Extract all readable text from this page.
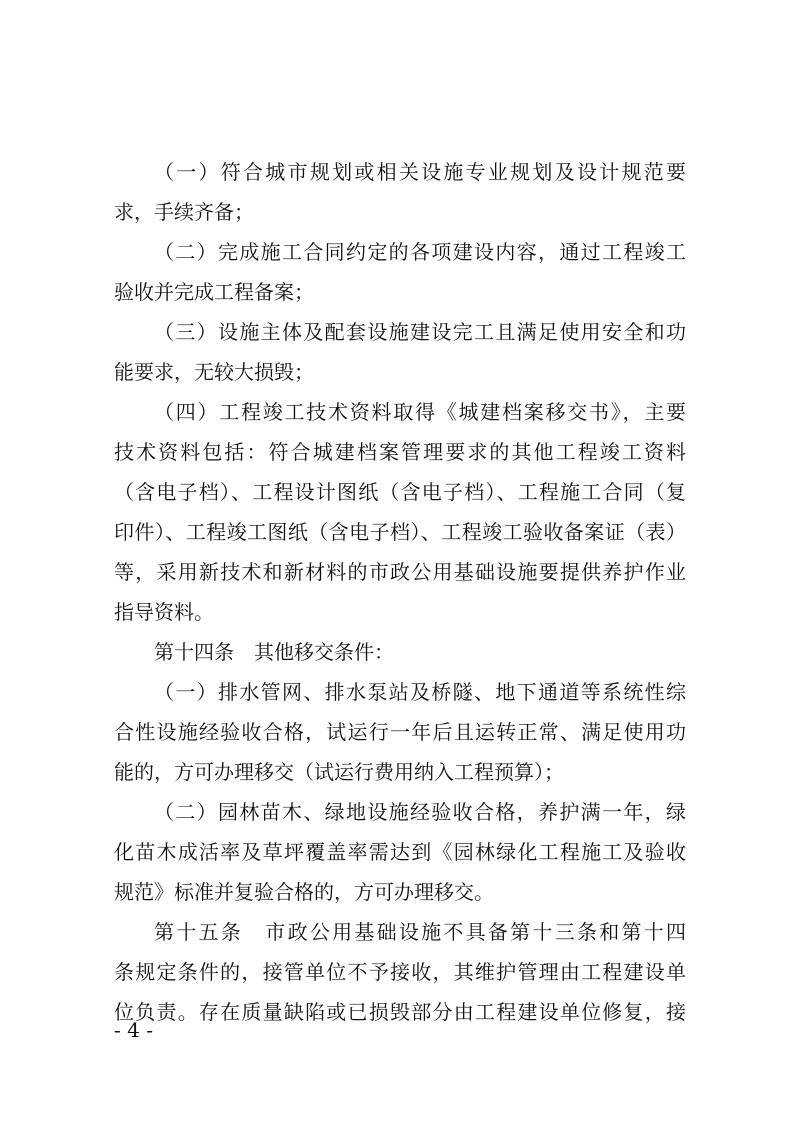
（一）符合城市规划或相关设施专业规划及设计规范要
求，手续齐备；
（二）完成施工合同约定的各项建设内容，通过工程竣工
验收并完成工程备案；
（三）设施主体及配套设施建设完工且满足使用安全和功
能要求，无较大损毁；
（四）工程竣工技术资料取得《城建档案移交书》，主要
技术资料包括：符合城建档案管理要求的其他工程竣工资料
（含电子档）、工程设计图纸（含电子档）、工程施工合同（复
印件）、工程竣工图纸（含电子档）、工程竣工验收备案证（表）
等，采用新技术和新材料的市政公用基础设施要提供养护作业
指导资料。
第十四条　其他移交条件：
（一）排水管网、排水泵站及桥隧、地下通道等系统性综
合性设施经验收合格，试运行一年后且运转正常、满足使用功
能的，方可办理移交（试运行费用纳入工程预算）；
（二）园林苗木、绿地设施经验收合格，养护满一年，绿
化苗木成活率及草坪覆盖率需达到《园林绿化工程施工及验收
规范》标准并复验合格的，方可办理移交。
第十五条　市政公用基础设施不具备第十三条和第十四
条规定条件的，接管单位不予接收，其维护管理由工程建设单
位负责。存在质量缺陷或已损毁部分由工程建设单位修复，接
- 4 -
